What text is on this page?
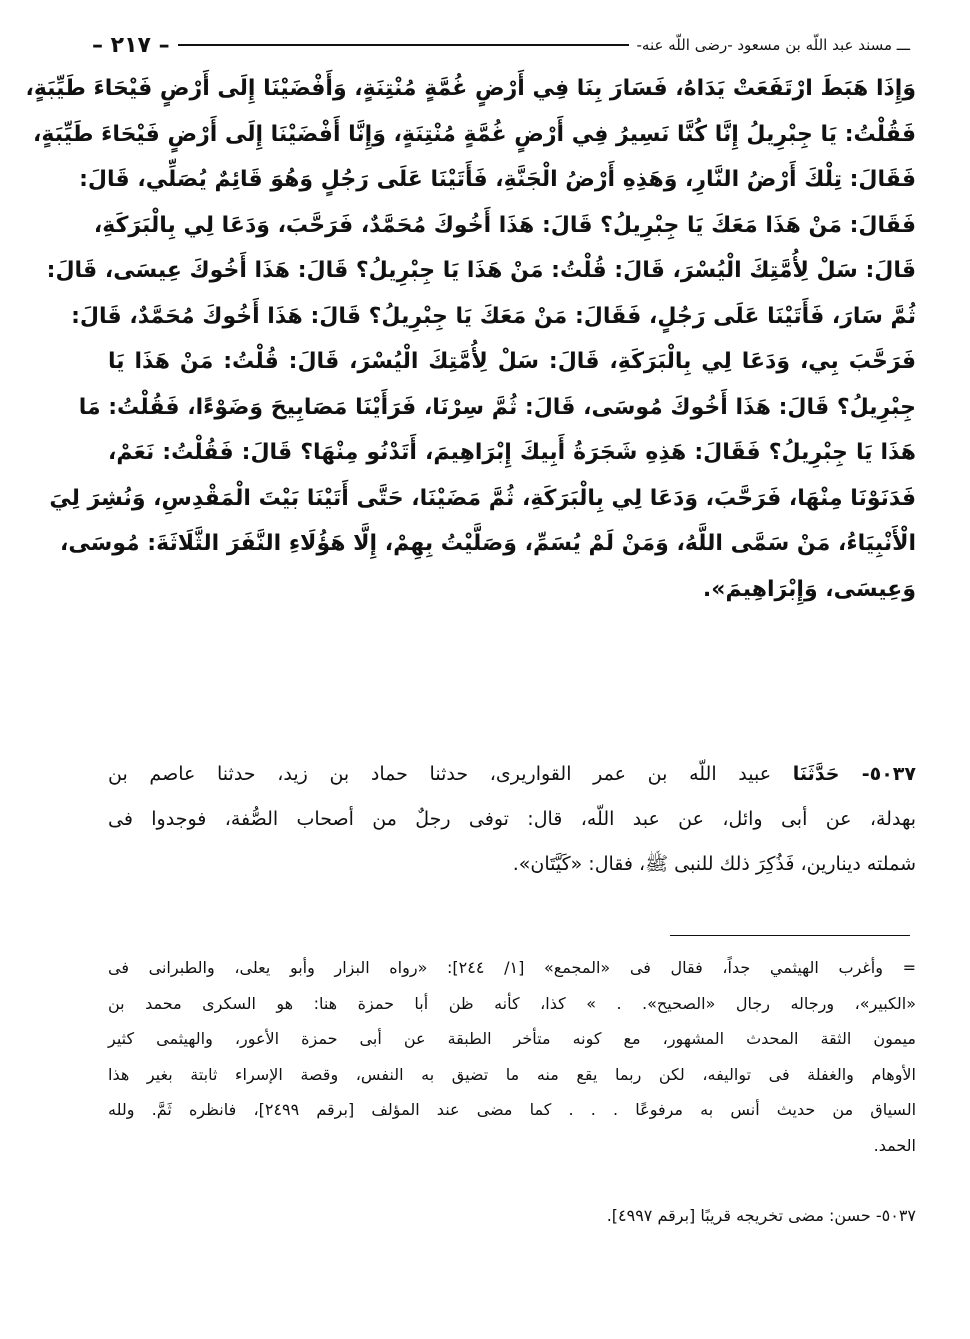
ـــ مسند عبد اللّه بن مسعود -رضى اللّه عنه-
– ٢١٧ –
وَإِذَا هَبَطَ ارْتَفَعَتْ يَدَاهُ، فَسَارَ بِنَا فِي أَرْضٍ غُمَّةٍ مُنْتِنَةٍ، وَأَفْضَيْنَا إِلَى أَرْضٍ فَيْحَاءَ طَيِّبَةٍ،
فَقُلْتُ: يَا جِبْرِيلُ إِنَّا كُنَّا نَسِيرُ فِي أَرْضٍ غُمَّةٍ مُنْتِنَةٍ، وَإِنَّا أَفْضَيْنَا إِلَى أَرْضٍ فَيْحَاءَ طَيِّبَةٍ،
فَقَالَ: تِلْكَ أَرْضُ النَّارِ، وَهَذِهِ أَرْضُ الْجَنَّةِ، فَأَتَيْنَا عَلَى رَجُلٍ وَهُوَ قَائِمٌ يُصَلِّي، قَالَ:
فَقَالَ: مَنْ هَذَا مَعَكَ يَا جِبْرِيلُ؟ قَالَ: هَذَا أَخُوكَ مُحَمَّدٌ، فَرَحَّبَ، وَدَعَا لِي بِالْبَرَكَةِ،
قَالَ: سَلْ لِأُمَّتِكَ الْيُسْرَ، قَالَ: قُلْتُ: مَنْ هَذَا يَا جِبْرِيلُ؟ قَالَ: هَذَا أَخُوكَ عِيسَى، قَالَ:
ثُمَّ سَارَ، فَأَتَيْنَا عَلَى رَجُلٍ، فَقَالَ: مَنْ مَعَكَ يَا جِبْرِيلُ؟ قَالَ: هَذَا أَخُوكَ مُحَمَّدٌ، قَالَ:
فَرَحَّبَ بِي، وَدَعَا لِي بِالْبَرَكَةِ، قَالَ: سَلْ لِأُمَّتِكَ الْيُسْرَ، قَالَ: قُلْتُ: مَنْ هَذَا يَا
جِبْرِيلُ؟ قَالَ: هَذَا أَخُوكَ مُوسَى، قَالَ: ثُمَّ سِرْنَا، فَرَأَيْنَا مَصَابِيحَ وَضَوْءًا، فَقُلْتُ: مَا
هَذَا يَا جِبْرِيلُ؟ فَقَالَ: هَذِهِ شَجَرَةُ أَبِيكَ إِبْرَاهِيمَ، أَتَدْنُو مِنْهَا؟ قَالَ: فَقُلْتُ: نَعَمْ،
فَدَنَوْنَا مِنْهَا، فَرَحَّبَ، وَدَعَا لِي بِالْبَرَكَةِ، ثُمَّ مَضَيْنَا، حَتَّى أَتَيْنَا بَيْتَ الْمَقْدِسِ، وَنُشِرَ لِيَ
الْأَنْبِيَاءُ، مَنْ سَمَّى اللَّهُ، وَمَنْ لَمْ يُسَمِّ، وَصَلَّيْتُ بِهِمْ، إِلَّا هَؤُلَاءِ النَّفَرَ الثَّلَاثَةَ: مُوسَى،
وَعِيسَى، وَإِبْرَاهِيمَ».
٥٠٣٧- حَدَّثَنَا عبيد اللّه بن عمر القواريرى، حدثنا حماد بن زيد، حدثنا عاصم بن
بهدلة، عن أبى وائل، عن عبد اللّه، قال: توفى رجلٌ من أصحاب الصُّفة، فوجدوا فى
شملته دينارين، فَذُكِرَ ذلك للنبى ﷺ، فقال: «كَيَّتَان».
= وأغرب الهيثمي جداً، فقال فى «المجمع» [١/ ٢٤٤]: «رواه البزار وأبو يعلى، والطبرانى فى
«الكبير»، ورجاله رجال «الصحيح». . » كذا، كأنه ظن أبا حمزة هنا: هو السكرى محمد بن
ميمون الثقة المحدث المشهور، مع كونه متأخر الطبقة عن أبى حمزة الأعور، والهيثمى كثير
الأوهام والغفلة فى تواليفه، لكن ربما يقع منه ما تضيق به النفس، وقصة الإسراء ثابتة بغير هذا
السياق من حديث أنس به مرفوعًا . . . كما مضى عند المؤلف [برقم ٢٤٩٩]، فانظره ثَمَّ. ولله
الحمد.
٥٠٣٧- حسن: مضى تخريجه قريبًا [برقم ٤٩٩٧].
